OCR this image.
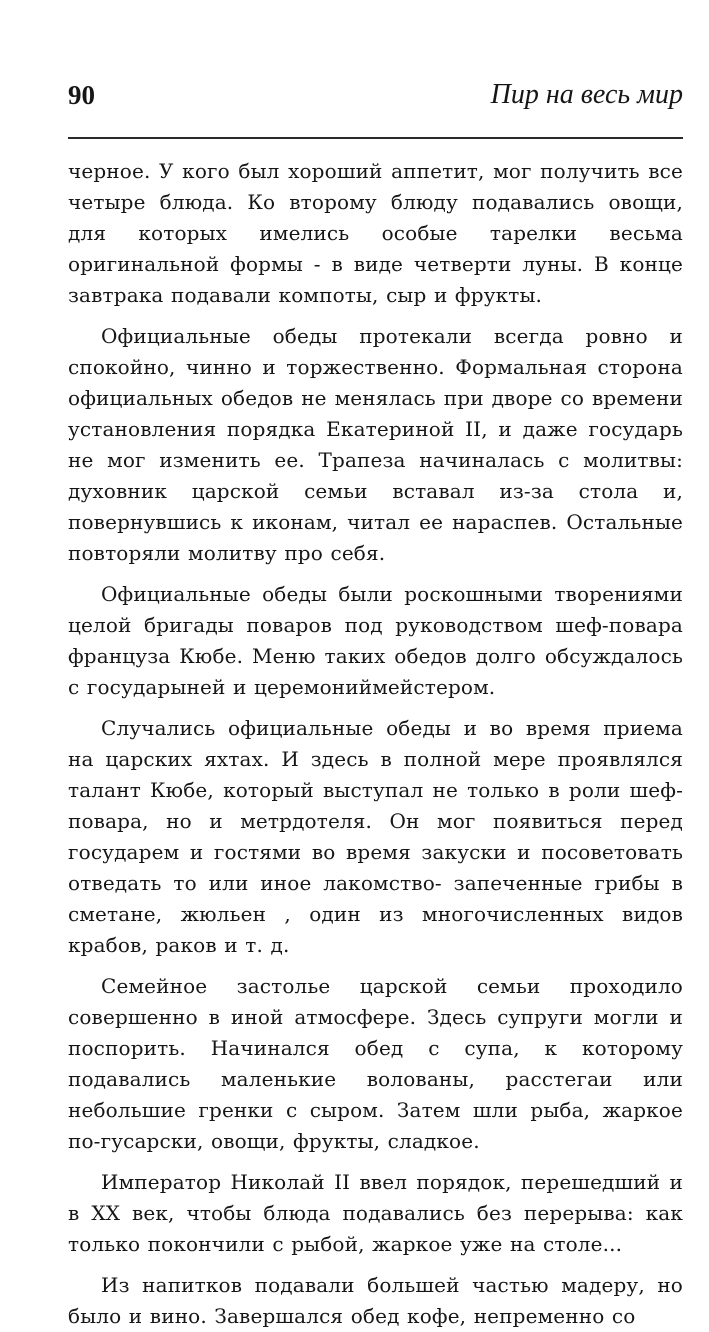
90	Пир на весь мир

черное. У кого был хороший аппетит, мог получить все четыре блюда. Ко второму блюду подавались овощи, для которых имелись особые тарелки весьма оригинальной формы - в виде четверти луны. В конце завтрака подавали компоты, сыр и фрукты.

Официальные обеды протекали всегда ровно и спокойно, чинно и торжественно. Формальная сторона официальных обедов не менялась при дворе со времени установления порядка Екатериной II, и даже государь не мог изменить ее. Трапеза начиналась с молитвы: духовник царской семьи вставал из-за стола и, повернувшись к иконам, читал ее нараспев. Остальные повторяли молитву про себя.

Официальные обеды были роскошными творениями целой бригады поваров под руководством шеф-повара француза Кюбе. Меню таких обедов долго обсуждалось с государыней и церемониймейстером.

Случались официальные обеды и во время приема на царских яхтах. И здесь в полной мере проявлялся талант Кюбе, который выступал не только в роли шеф-повара, но и метрдотеля. Он мог появиться перед государем и гостями во время закуски и посоветовать отведать то или иное лакомство- запеченные грибы в сметане, жюльен , один из многочисленных видов крабов, раков и т. д.

Семейное застолье царской семьи проходило совершенно в иной атмосфере. Здесь супруги могли и поспорить. Начинался обед с супа, к которому подавались маленькие волованы, расстегаи или небольшие гренки с сыром. Затем шли рыба, жаркое по-гусарски, овощи, фрукты, сладкое.

Император Николай II ввел порядок, перешедший и в XX век, чтобы блюда подавались без перерыва: как только покончили с рыбой, жаркое уже на столе...

Из напитков подавали большей частью мадеру, но было и вино. Завершался обед кофе, непременно со
